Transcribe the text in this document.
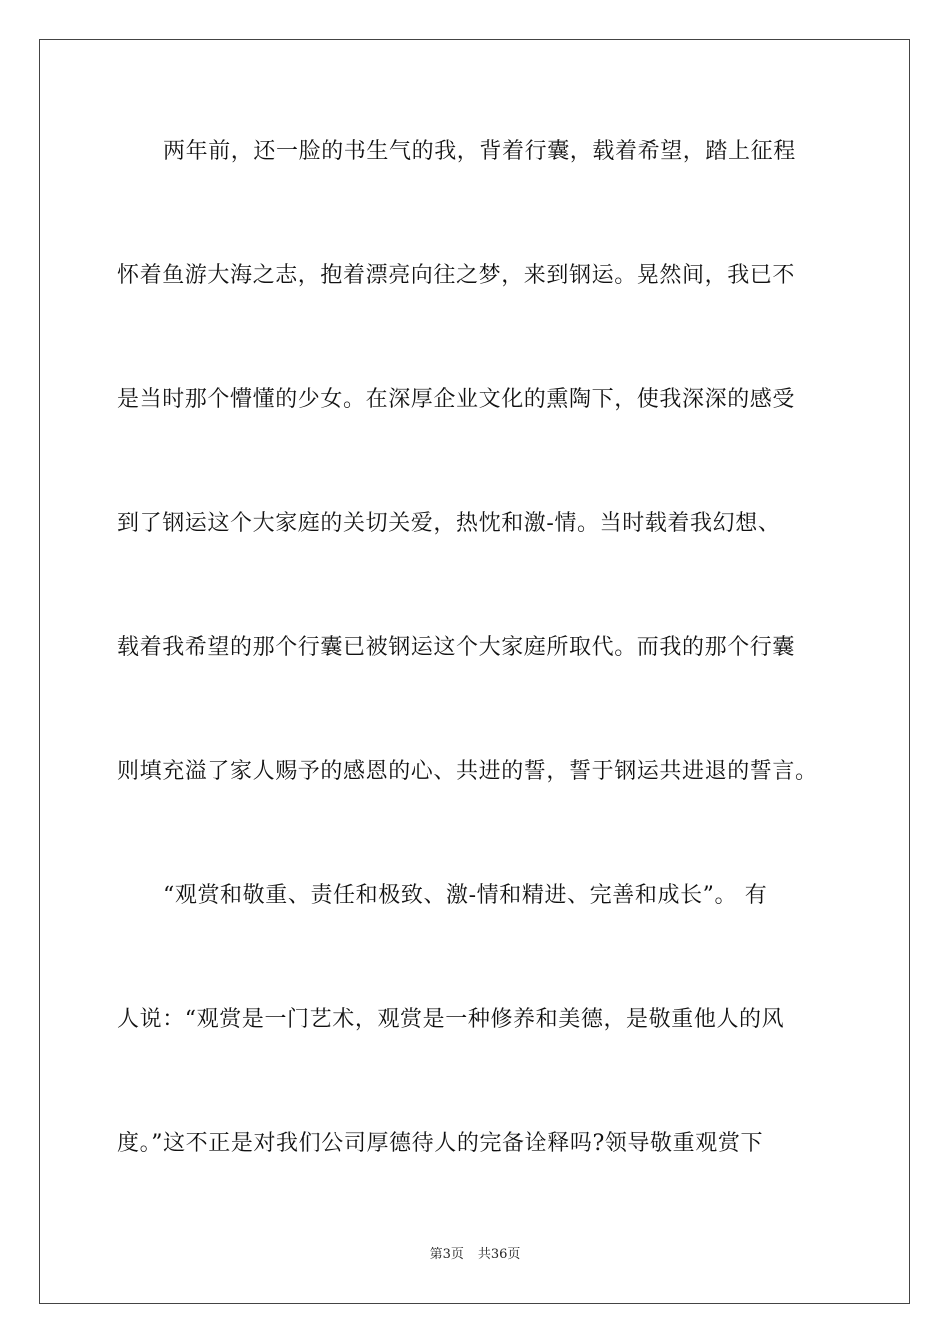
两年前，还一脸的书生气的我，背着行囊，载着希望，踏上征程
怀着鱼游大海之志，抱着漂亮向往之梦，来到钢运。晃然间，我已不
是当时那个懵懂的少女。在深厚企业文化的熏陶下，使我深深的感受
到了钢运这个大家庭的关切关爱，热忱和激-情。当时载着我幻想、
载着我希望的那个行囊已被钢运这个大家庭所取代。而我的那个行囊
则填充溢了家人赐予的感恩的心、共进的誓，誓于钢运共进退的誓言。
“观赏和敬重、责任和极致、激-情和精进、完善和成长”。 有
人说：“观赏是一门艺术，观赏是一种修养和美德，是敬重他人的风
度。”这不正是对我们公司厚德待人的完备诠释吗?领导敬重观赏下
第3页 共36页
